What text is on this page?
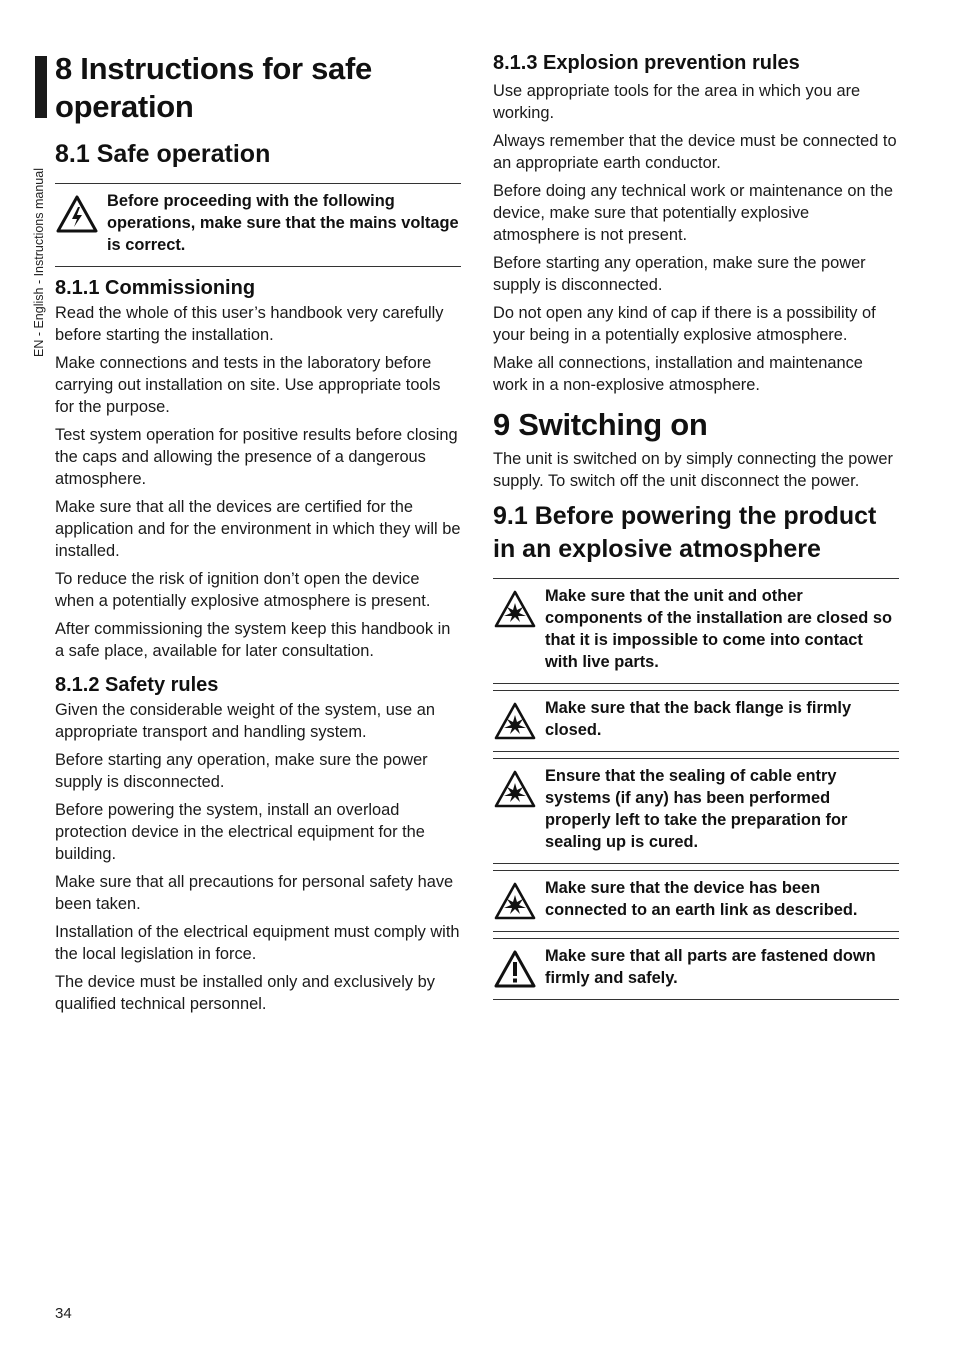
EN - English - Instructions manual
8 Instructions for safe operation
8.1 Safe operation
Before proceeding with the following operations, make sure that the mains voltage is correct.
8.1.1 Commissioning

Read the whole of this user’s handbook very carefully before starting the installation.

Make connections and tests in the laboratory before carrying out installation on site. Use appropriate tools for the purpose.

Test system operation for positive results before closing the caps and allowing the presence of a dangerous atmosphere.

Make sure that all the devices are certified for the application and for the environment in which they will be installed.

To reduce the risk of ignition don’t open the device when a potentially explosive atmosphere is present.

After commissioning the system keep this handbook in a safe place, available for later consultation.

8.1.2 Safety rules

Given the considerable weight of the system, use an appropriate transport and handling system.

Before starting any operation, make sure the power supply is disconnected.

Before powering the system, install an overload protection device in the electrical equipment for the building.

Make sure that all precautions for personal safety have been taken.

Installation of the electrical equipment must comply with the local legislation in force.

The device must be installed only and exclusively by qualified technical personnel.

8.1.3 Explosion prevention rules

Use appropriate tools for the area in which you are working.

Always remember that the device must be connected to an appropriate earth conductor.

Before doing any technical work or maintenance on the device, make sure that potentially explosive atmosphere is not present.

Before starting any operation, make sure the power supply is disconnected.

Do not open any kind of cap if there is a possibility of your being in a potentially explosive atmosphere.

Make all connections, installation and maintenance work in a non-explosive atmosphere.

9 Switching on

The unit is switched on by simply connecting the power supply. To switch off the unit disconnect the power.

9.1 Before powering the product in an explosive atmosphere
Make sure that the unit and other components of the installation are closed so that it is impossible to come into contact with live parts.
Make sure that the back flange is firmly closed.
Ensure that the sealing of cable entry systems (if any) has been performed properly left to take the preparation for sealing up is cured.
Make sure that the device has been connected to an earth link as described.
Make sure that all parts are fastened down firmly and safely.
34
